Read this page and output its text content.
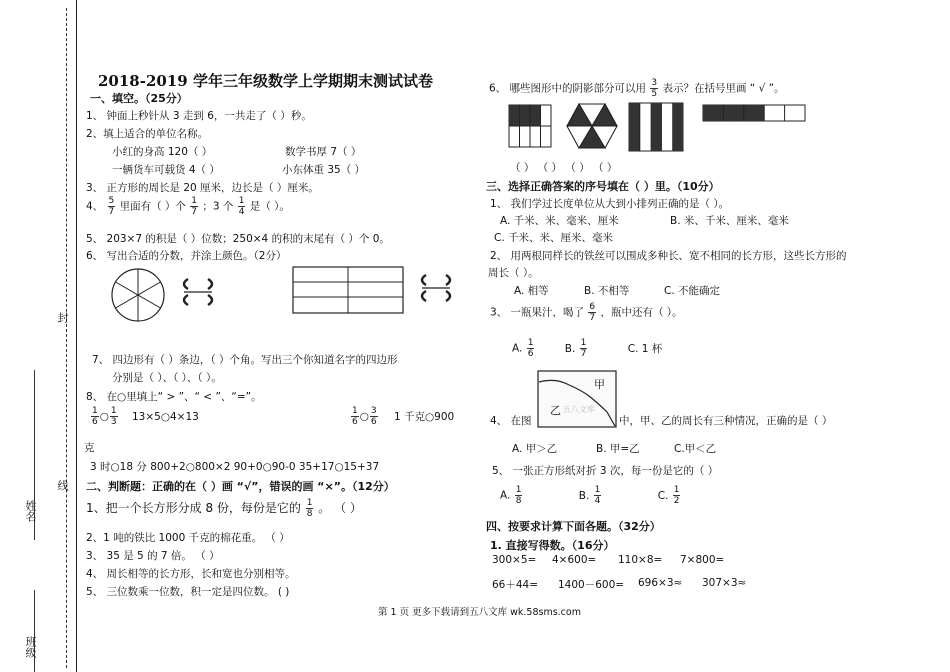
封
线
姓名
班级
2018-2019 学年三年级数学上学期期末测试试卷
一、填空。（25分）
1、 钟面上秒针从 3 走到 6，一共走了（ ）秒。
2、填上适合的单位名称。
小红的身高 120（ ）	数学书厚 7（ ）
一辆货车可载货 4（ ）	小东体重 35（ ）
3、 正方形的周长是 20 厘米，边长是（ ）厘米。
4、 $\frac{5}{7}$ 里面有（ ）个 $\frac{1}{7}$ ；3 个 $\frac{1}{4}$ 是（ ）。
5、 203×7 的积是（ ）位数；250×4 的积的末尾有（ ）个 0。
6、 写出合适的分数，并涂上颜色。（2分）
7、 四边形有（ ）条边，（ ）个角。写出三个你知道名字的四边形
分别是（ ）、（ ）、（ ）。
8、 在○里填上“ > ”、“ < ”、“=”。
$\frac{1}{6}$ ○ $\frac{1}{3}$ 13×5○4×13	$\frac{1}{6}$ ○ $\frac{3}{6} 1$ 千克○900
克
3 时○18 分 800+2○800×2 90+0○90-0 35+17○15+37
二、判断题：正确的在（ ）画 “√”，错误的画 “×”。（12分）
1、把一个长方形分成 8 份，每份是它的 $\frac{1}{8}$ 。 （ ）
2、1 吨的铁比 1000 千克的棉花重。 （ ）
3、 35 是 5 的 7 倍。 （ ）
4、 周长相等的长方形，长和宽也分别相等。
5、 三位数乘一位数，积一定是四位数。 ( )
6、 哪些图形中的阴影部分可以用 $\frac{3}{5}$ 表示？在括号里画 “ √ ”。
（ ） （ ） （ ） （ ）
三、选择正确答案的序号填在（ ）里。（10分）
1、 我们学过长度单位从大到小排列正确的是（ ）。
A. 千米、米、毫米、厘米	B. 米、千米、厘米、毫米
C. 千米、米、厘米、毫米
2、 用两根同样长的铁丝可以围成多种长、宽不相同的长方形，这些长方形的
周长（ ）。
A. 相等	B. 不相等	C. 不能确定
3、 一瓶果汁，喝了 $\frac{6}{7}$ ，瓶中还有（ ）。
A. $\frac{1}{6}$	B. $\frac{1}{7}$	C. 1 杯
4、 在图
甲
乙 五八文库
中，甲、乙的周长有三种情况，正确的是（ ）
A. 甲＞乙	B. 甲=乙	C.甲＜乙
5、 一张正方形纸对折 3 次，每一份是它的（ ）
A. $\frac{1}{8}$	B. $\frac{1}{4}$	C. $\frac{1}{2}$
四、按要求计算下面各题。（32分）
1. 直接写得数。（16分）
300×5= 4×600= 110×8= 7×800=
66＋44= 1400－600= 696×3≈ 307×3≈
第 1 页 更多下载请到五八文库 wk.58sms.com
